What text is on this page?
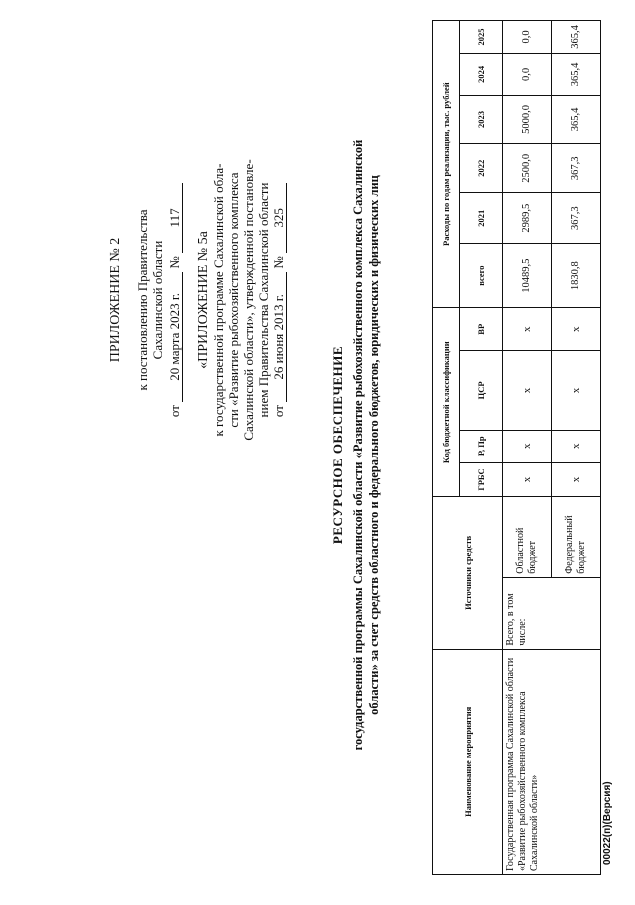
ПРИЛОЖЕНИЕ № 2 к постановлению Правительства Сахалинской области
от 20 марта 2023 г. № 117
«ПРИЛОЖЕНИЕ № 5а к государственной программе Сахалинской обла- сти «Развитие рыбохозяйственного комплекса Сахалинской области», утвержденной постановле- нием Правительства Сахалинской области от 26 июня 2013 г. № 325
РЕСУРСНОЕ ОБЕСПЕЧЕНИЕ государственной программы Сахалинской области «Развитие рыбохозяйственного комплекса Сахалинской области» за счет средств областного и федерального бюджетов, юридических и физических лиц
Наименование мероприятия	Источники средств		Код бюджетной классификации				Расходы по годам реализации, тыс. рублей					
			ГРБС	Р, Пр	ЦСР	ВР	всего	2021	2022	2023	2024	2025
Государственная программа Сахалинской области «Развитие рыбохозяйственного комплекса Сахалинской области»	Всего, в том числе:	Областной бюджет	х	х	х	х	10489,5	2989,5	2500,0	5000,0	0,0	0,0
		Федеральный бюджет	х	х	х	х	1830,8	367,3	367,3	365,4	365,4	365,4
00022(п)(Версия)
